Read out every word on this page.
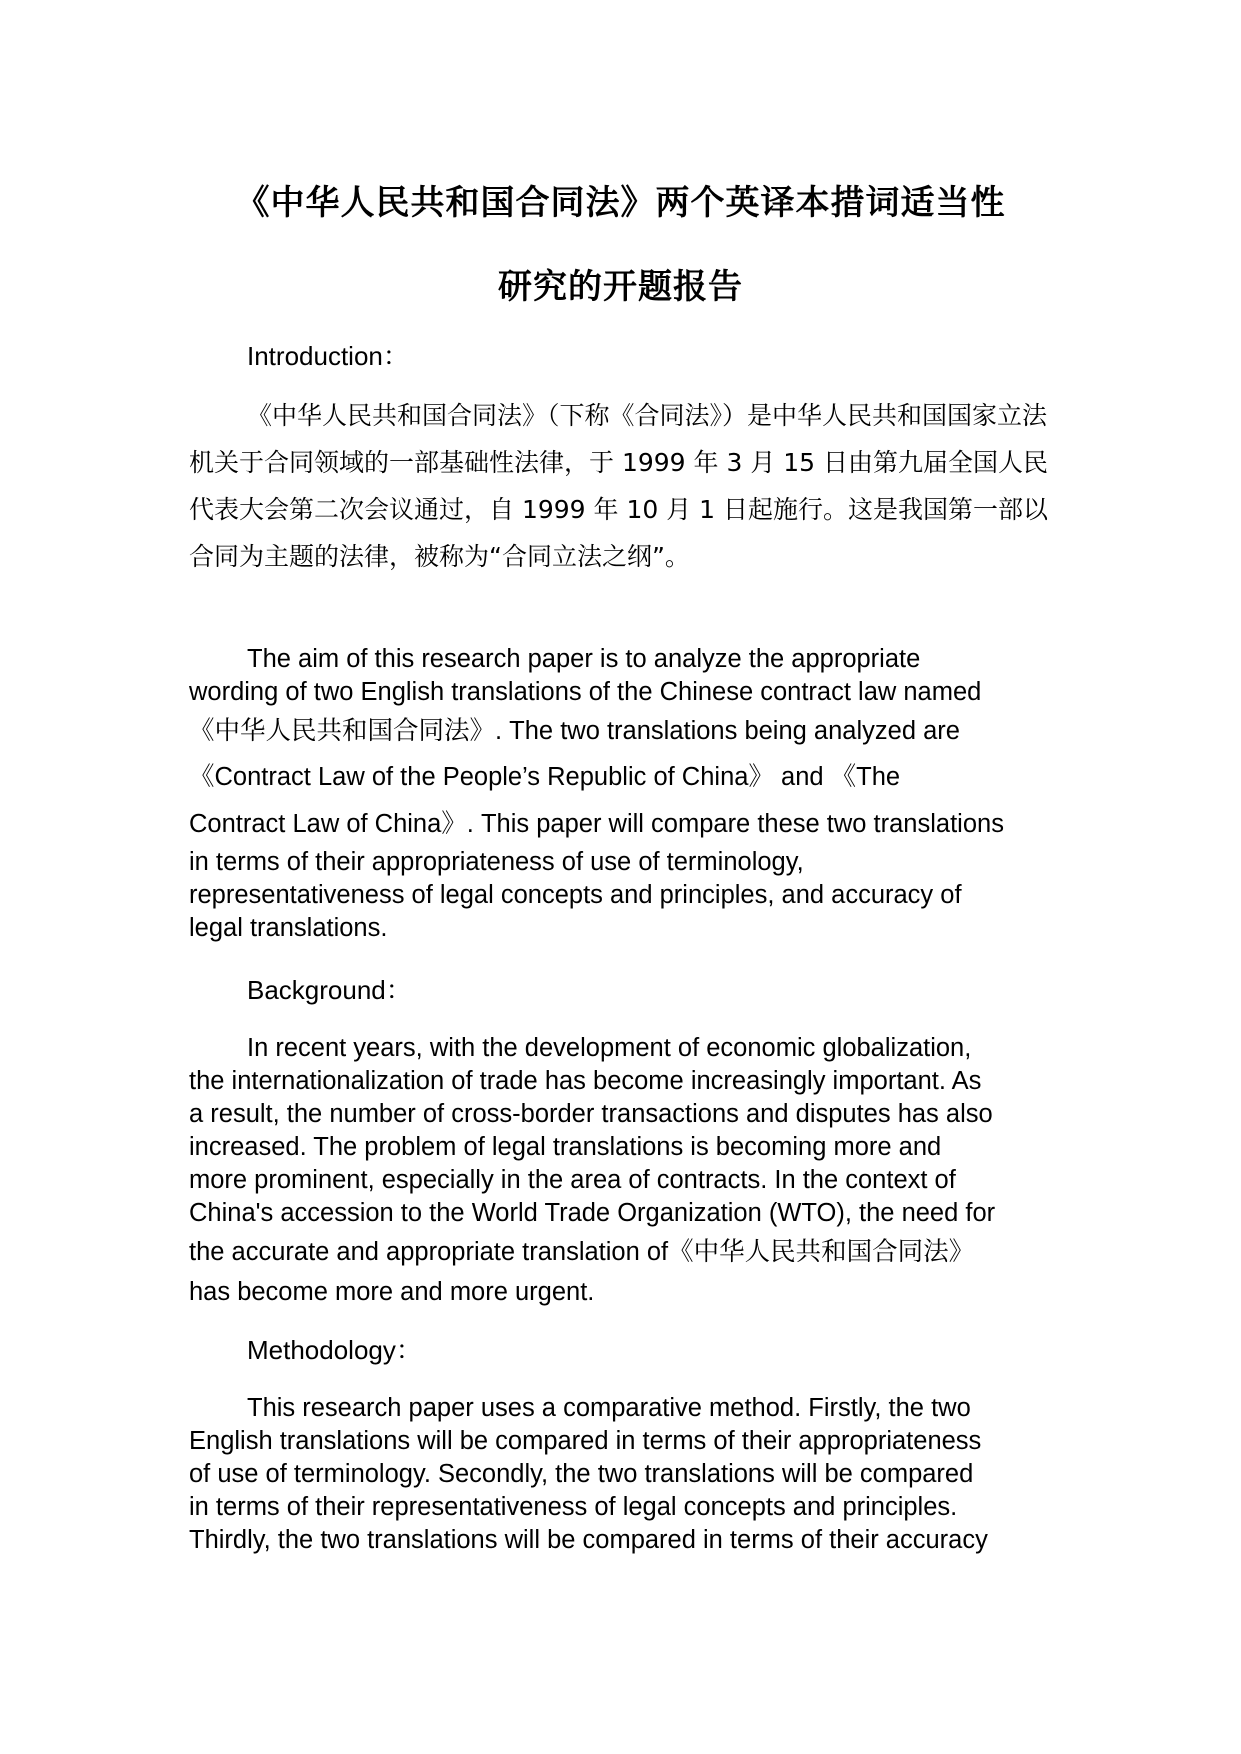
《中华人民共和国合同法》两个英译本措词适当性
研究的开题报告
Introduction：

《中华人民共和国合同法》（下称《合同法》）是中华人民共和国国家立法机关于合同领域的一部基础性法律，于 1999 年 3 月 15 日由第九届全国人民代表大会第二次会议通过，自 1999 年 10 月 1 日起施行。这是我国第一部以合同为主题的法律，被称为“合同立法之纲”。

The aim of this research paper is to analyze the appropriate
wording of two English translations of the Chinese contract law named
《中华人民共和国合同法》. The two translations being analyzed are
《Contract Law of the People’s Republic of China》 and 《The
Contract Law of China》. This paper will compare these two translations
in terms of their appropriateness of use of terminology,
representativeness of legal concepts and principles, and accuracy of
legal translations.
Background：
In recent years, with the development of economic globalization,
the internationalization of trade has become increasingly important. As
a result, the number of cross-border transactions and disputes has also
increased. The problem of legal translations is becoming more and
more prominent, especially in the area of contracts. In the context of
China's accession to the World Trade Organization (WTO), the need for
the accurate and appropriate translation of《中华人民共和国合同法》
has become more and more urgent.
Methodology：
This research paper uses a comparative method. Firstly, the two
English translations will be compared in terms of their appropriateness
of use of terminology. Secondly, the two translations will be compared
in terms of their representativeness of legal concepts and principles.
Thirdly, the two translations will be compared in terms of their accuracy
